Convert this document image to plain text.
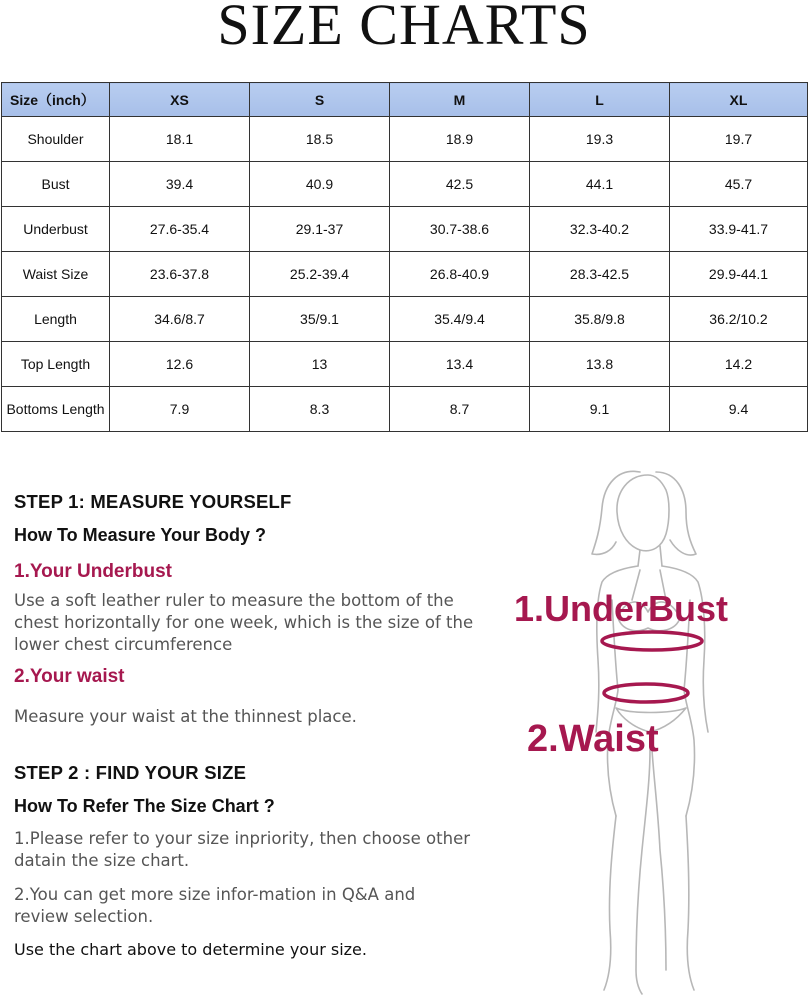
SIZE CHARTS
Size（inch）	XS	S	M	L	XL
Shoulder	18.1	18.5	18.9	19.3	19.7
Bust	39.4	40.9	42.5	44.1	45.7
Underbust	27.6-35.4	29.1-37	30.7-38.6	32.3-40.2	33.9-41.7
Waist Size	23.6-37.8	25.2-39.4	26.8-40.9	28.3-42.5	29.9-44.1
Length	34.6/8.7	35/9.1	35.4/9.4	35.8/9.8	36.2/10.2
Top Length	12.6	13	13.4	13.8	14.2
Bottoms Length	7.9	8.3	8.7	9.1	9.4
STEP 1: MEASURE YOURSELF
How To Measure Your Body ?
1.Your Underbust
Use a soft leather ruler to measure the bottom of the chest horizontally for one week, which is the size of the lower chest circumference
2.Your waist
Measure your waist at the thinnest place.
STEP 2 : FIND YOUR SIZE
How To Refer The Size Chart ?
1.Please refer to your size inpriority, then choose other datain the size chart.
2.You can get more size infor-mation in Q&A and review selection.
Use the chart above to determine your size.
1.UnderBust
2.Waist
